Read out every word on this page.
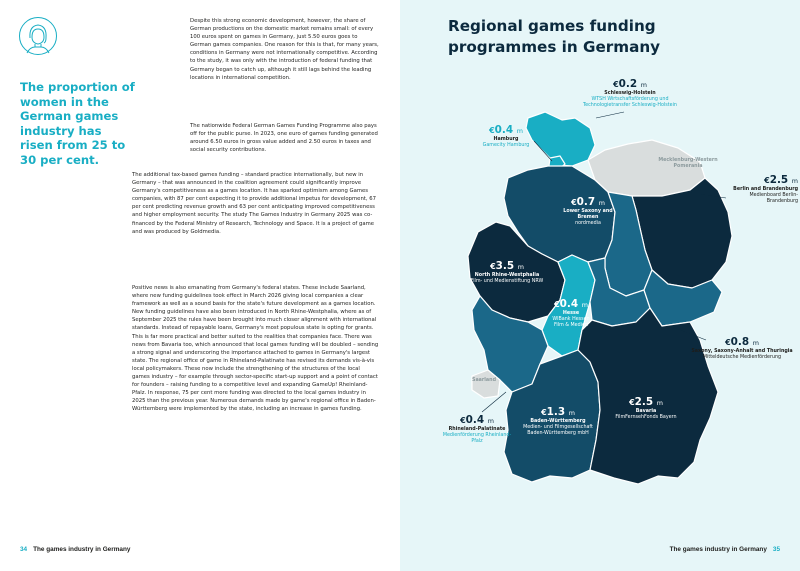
The proportion of women in the German games industry has risen from 25 to 30 per cent.

Despite this strong economic development, however, the share of German productions on the domestic market remains small: of every 100 euros spent on games in Germany, just 5.50 euros goes to German games companies. One reason for this is that, for many years, conditions in Germany were not internationally competitive. According to the study, it was only with the introduction of federal funding that Germany began to catch up, although it still lags behind the leading locations in international competition.

The nationwide Federal German Games Funding Programme also pays off for the public purse. In 2023, one euro of games funding generated around 6.50 euros in gross value added and 2.50 euros in taxes and social security contributions.

The additional tax-based games funding – standard practice internationally, but new in Germany – that was announced in the coalition agreement could significantly improve Germany's competitiveness as a games location. It has sparked optimism among Games companies, with 87 per cent expecting it to provide additional impetus for development, 67 per cent predicting revenue growth and 63 per cent anticipating improved competitiveness and higher employment security. The study The Games Industry in Germany 2025 was co-financed by the Federal Ministry of Research, Technology and Space. It is a project of game and was produced by Goldmedia.

Positive news is also emanating from Germany's federal states. These include Saarland, where new funding guidelines took effect in March 2026 giving local companies a clear framework as well as a sound basis for the state's future development as a games location. New funding guidelines have also been introduced in North Rhine-Westphalia, where as of September 2025 the rules have been brought into much closer alignment with international standards. Instead of repayable loans, Germany's most populous state is opting for grants. This is far more practical and better suited to the realities that companies face. There was news from Bavaria too, which announced that local games funding will be doubled – sending a strong signal and underscoring the importance attached to games in Germany's largest state. The regional office of game in Rhineland-Palatinate has revised its demands vis-à-vis local policymakers. These now include the strengthening of the structures of the local games industry – for example through sector-specific start-up support and a point of contact for founders – raising funding to a competitive level and expanding GameUp! Rheinland-Pfalz. In response, 75 per cent more funding was directed to the local games industry in 2025 than the previous year. Numerous demands made by game's regional office in Baden-Württemberg were implemented by the state, including an increase in games funding.

34 The games industry in Germany	The games industry in Germany 35
Regional games funding programmes in Germany
€0.2 m
Schleswig-Holstein
WTSH Wirtschaftsförderung und Technologietransfer Schleswig-Holstein
€0.4 m
Hamburg
Gamecity Hamburg
Mecklenburg-Western Pomerania
€0.7 m
Lower Saxony and Bremen
nordmedia
€2.5 m
Berlin and Brandenburg
Medienboard Berlin-Brandenburg
€3.5 m
North Rhine-Westphalia
Film- und Medienstiftung NRW
€0.4 m
Hesse
WIBank Hessen Film & Medien
€0.8 m
Saxony, Saxony-Anhalt and Thuringia
Mitteldeutsche Medienförderung
Saarland
€2.5 m
Bavaria
FilmFernsehFonds Bayern
€1.3 m
Baden-Württemberg
Medien- und Filmgesellschaft Baden-Württemberg mbH
€0.4 m
Rhineland-Palatinate
Medienförderung Rheinland-Pfalz
